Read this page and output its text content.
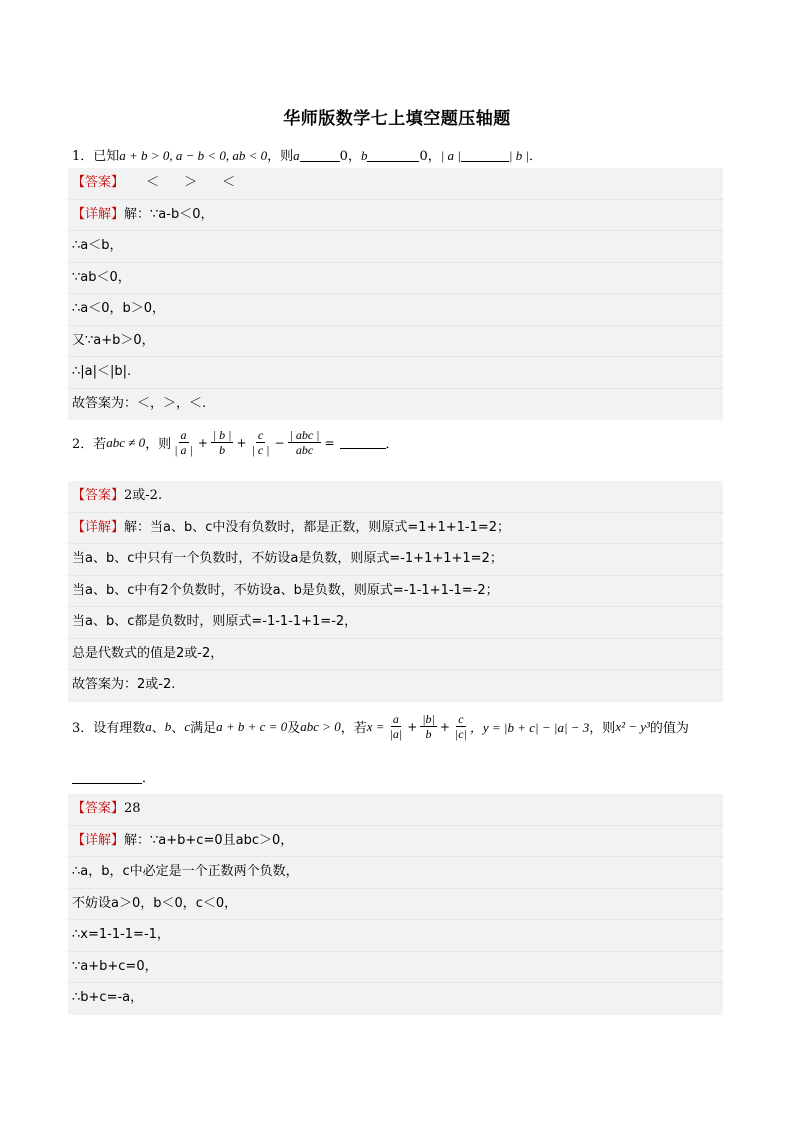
华师版数学七上填空题压轴题
1．已知a + b > 0, a − b < 0, ab < 0，则a	0，b	0，| a |	| b |．
【答案】 ＜　＞　＜
【详解】解：∵a-b＜0，
∴a＜b，
∵ab＜0，
∴a＜0，b＞0，
又∵a+b＞0，
∴|a|＜|b|.
故答案为：＜，＞，＜.
2．若 abc ≠ 0 ，则 $\frac{a}{| a |} + \frac{| b |}{b} + \frac{c}{| c |} - \frac{\text{| abc |}}{\text{abc}}$ =	．
【答案】2或-2.
【详解】解：当a、b、c中没有负数时，都是正数，则原式=1+1+1-1=2；
当a、b、c中只有一个负数时，不妨设a是负数，则原式=-1+1+1+1=2；
当a、b、c中有2个负数时，不妨设a、b是负数，则原式=-1-1+1-1=-2；
当a、b、c都是负数时，则原式=-1-1-1+1=-2，
总是代数式的值是2或-2，
故答案为：2或-2.
3．设有理数 a 、 b 、 c 满足 a + b + c = 0 及 abc > 0 ，若 $x = \frac{a}{|a|} + \frac{|b|}{b} + \frac{c}{|c|}$ ，y = |b + c| − |a| − 3 ，则 x² − y³ 的值为
．
【答案】28
【详解】解：∵a+b+c=0且abc＞0，
∴a，b，c中必定是一个正数两个负数，
不妨设a＞0，b＜0，c＜0，
∴x=1-1-1=-1，
∵a+b+c=0，
∴b+c=-a，
